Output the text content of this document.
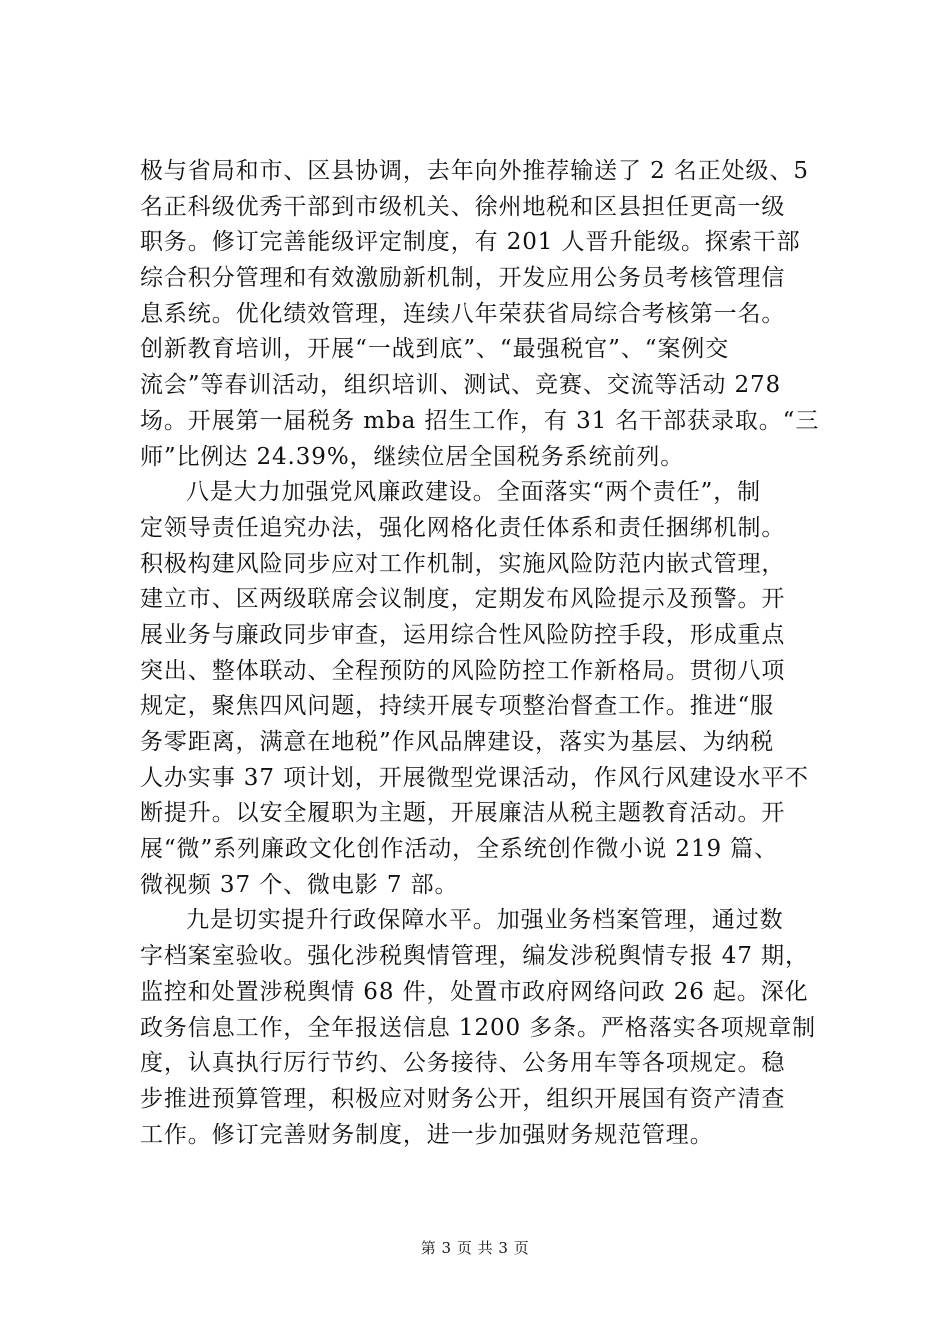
极与省局和市、区县协调，去年向外推荐输送了 2 名正处级、5
名正科级优秀干部到市级机关、徐州地税和区县担任更高一级
职务。修订完善能级评定制度，有 201 人晋升能级。探索干部
综合积分管理和有效激励新机制，开发应用公务员考核管理信
息系统。优化绩效管理，连续八年荣获省局综合考核第一名。
创新教育培训，开展“一战到底”、“最强税官”、“案例交
流会”等春训活动，组织培训、测试、竞赛、交流等活动 278
场。开展第一届税务 mba 招生工作，有 31 名干部获录取。“三
师”比例达 24.39%，继续位居全国税务系统前列。
八是大力加强党风廉政建设。全面落实“两个责任”，制
定领导责任追究办法，强化网格化责任体系和责任捆绑机制。
积极构建风险同步应对工作机制，实施风险防范内嵌式管理，
建立市、区两级联席会议制度，定期发布风险提示及预警。开
展业务与廉政同步审查，运用综合性风险防控手段，形成重点
突出、整体联动、全程预防的风险防控工作新格局。贯彻八项
规定，聚焦四风问题，持续开展专项整治督查工作。推进“服
务零距离，满意在地税”作风品牌建设，落实为基层、为纳税
人办实事 37 项计划，开展微型党课活动，作风行风建设水平不
断提升。以安全履职为主题，开展廉洁从税主题教育活动。开
展“微”系列廉政文化创作活动，全系统创作微小说 219 篇、
微视频 37 个、微电影 7 部。
九是切实提升行政保障水平。加强业务档案管理，通过数
字档案室验收。强化涉税舆情管理，编发涉税舆情专报 47 期，
监控和处置涉税舆情 68 件，处置市政府网络问政 26 起。深化
政务信息工作，全年报送信息 1200 多条。严格落实各项规章制
度，认真执行厉行节约、公务接待、公务用车等各项规定。稳
步推进预算管理，积极应对财务公开，组织开展国有资产清查
工作。修订完善财务制度，进一步加强财务规范管理。
第 3 页 共 3 页
